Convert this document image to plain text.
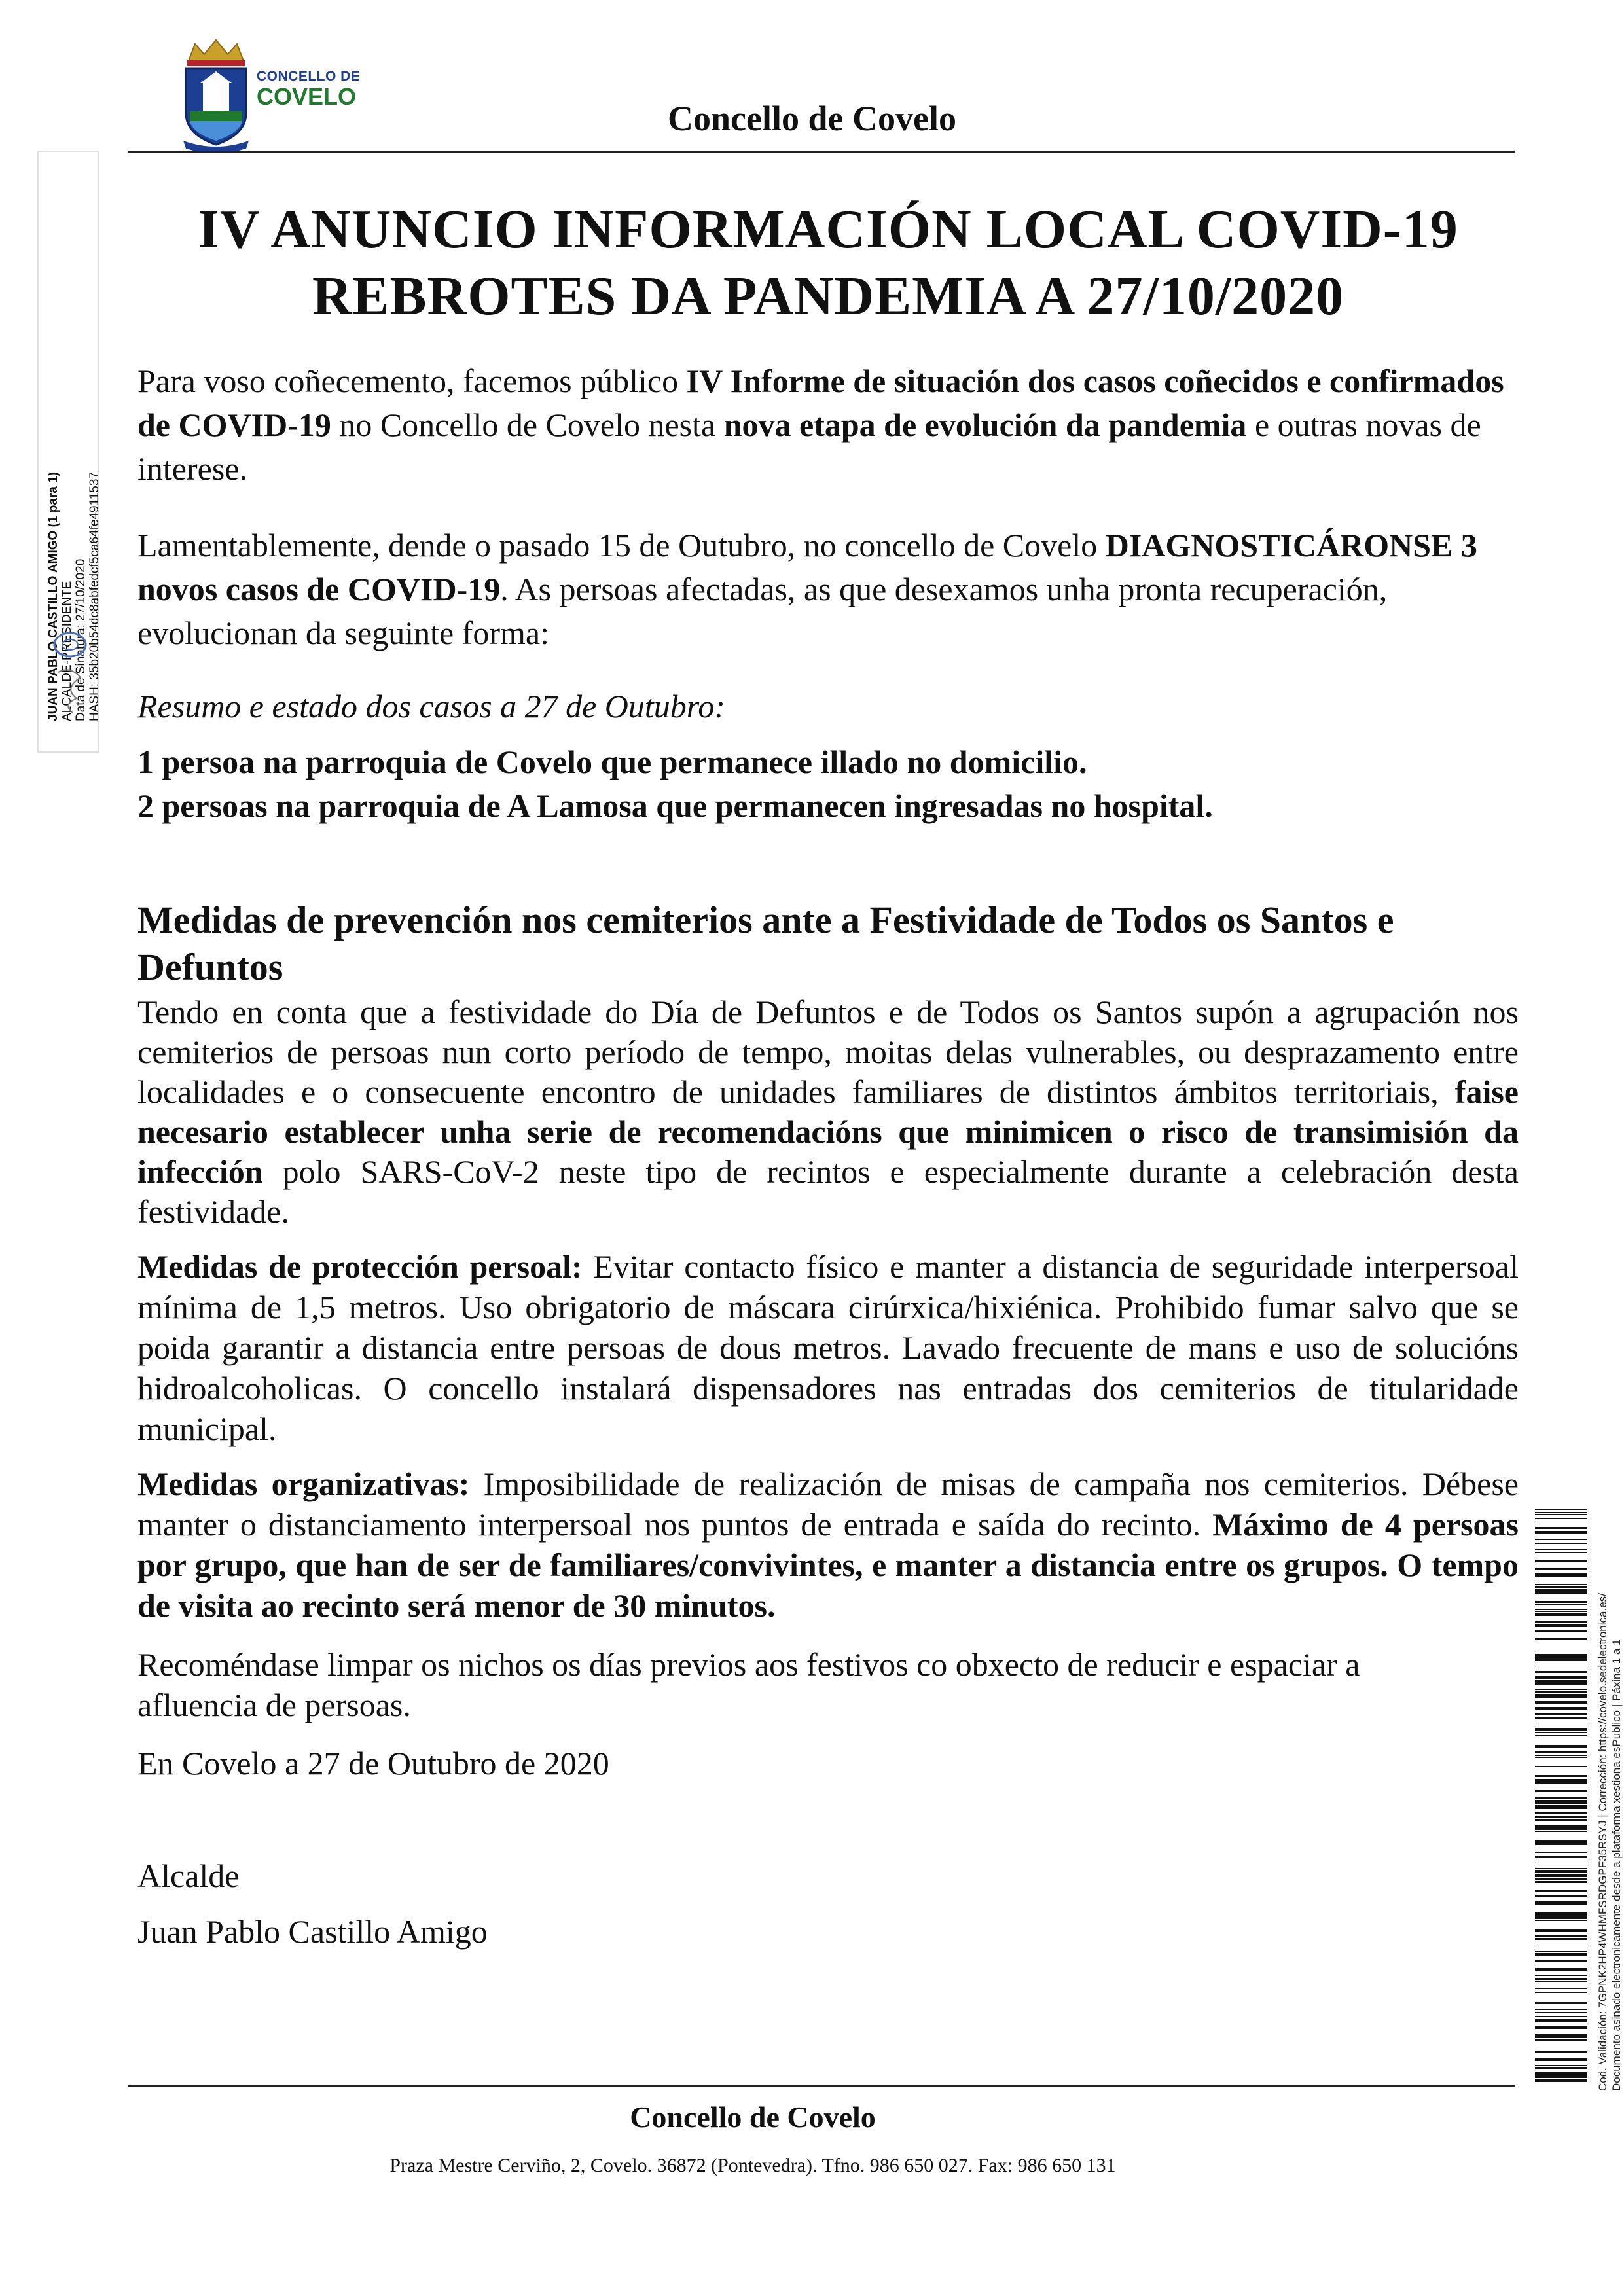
CONCELLO DE
COVELO
Concello de Covelo
JUAN PABLO CASTILLO AMIGO (1 para 1) ALCALDE-PRESIDENTE Data de Sinatura: 27/10/2020 HASH: 35b20b54dc8abfedcf5ca64fe4911537
IV ANUNCIO INFORMACIÓN LOCAL COVID-19
REBROTES DA PANDEMIA A 27/10/2020

Para voso coñecemento, facemos público IV Informe de situación dos casos coñecidos e confirmados de COVID-19 no Concello de Covelo nesta nova etapa de evolución da pandemia e outras novas de interese.

Lamentablemente, dende o pasado 15 de Outubro, no concello de Covelo DIAGNOSTICÁRONSE 3 novos casos de COVID-19. As persoas afectadas, as que desexamos unha pronta recuperación, evolucionan da seguinte forma:

Resumo e estado dos casos a 27 de Outubro:

1 persoa na parroquia de Covelo que permanece illado no domicilio.
2 persoas na parroquia de A Lamosa que permanecen ingresadas no hospital.

Medidas de prevención nos cemiterios ante a Festividade de Todos os Santos e Defuntos

Tendo en conta que a festividade do Día de Defuntos e de Todos os Santos supón a agrupación nos cemiterios de persoas nun corto período de tempo, moitas delas vulnerables, ou desprazamento entre localidades e o consecuente encontro de unidades familiares de distintos ámbitos territoriais, faise necesario establecer unha serie de recomendacións que minimicen o risco de transimisión da infección polo SARS-CoV-2 neste tipo de recintos e especialmente durante a celebración desta festividade.

Medidas de protección persoal: Evitar contacto físico e manter a distancia de seguridade interpersoal mínima de 1,5 metros. Uso obrigatorio de máscara cirúrxica/hixiénica. Prohibido fumar salvo que se poida garantir a distancia entre persoas de dous metros. Lavado frecuente de mans e uso de solucións hidroalcoholicas. O concello instalará dispensadores nas entradas dos cemiterios de titularidade municipal.

Medidas organizativas: Imposibilidade de realización de misas de campaña nos cemiterios. Débese manter o distanciamento interpersoal nos puntos de entrada e saída do recinto. Máximo de 4 persoas por grupo, que han de ser de familiares/convivintes, e manter a distancia entre os grupos. O tempo de visita ao recinto será menor de 30 minutos.

Recoméndase limpar os nichos os días previos aos festivos co obxecto de reducir e espaciar a afluencia de persoas.

En Covelo a 27 de Outubro de 2020

Alcalde

Juan Pablo Castillo Amigo	Cod. Validación: 7GPNK2HP4WHMFSRDGPF35RSYJ | Corrección: https://covelo.sedelectronica.es/ Documento asinado electronicamente desde a plataforma xestiona esPublico | Páxina 1 a 1
Concello de Covelo
Praza Mestre Cerviño, 2, Covelo. 36872 (Pontevedra). Tfno. 986 650 027. Fax: 986 650 131
